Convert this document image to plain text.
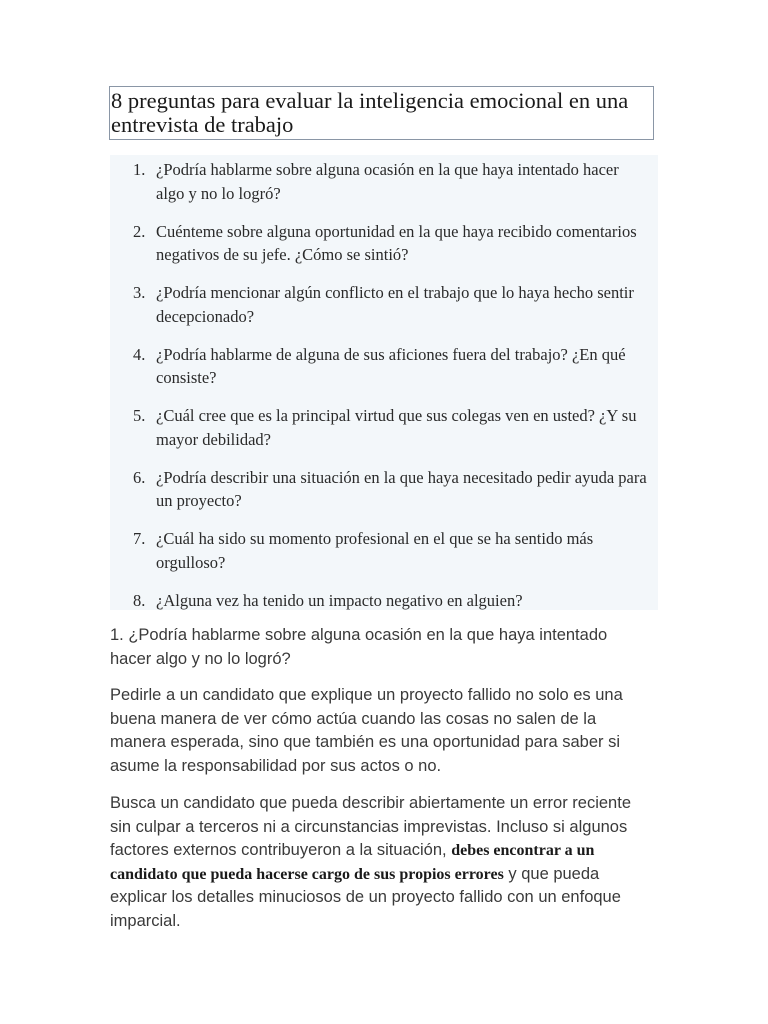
8 preguntas para evaluar la inteligencia emocional en una entrevista de trabajo
1. ¿Podría hablarme sobre alguna ocasión en la que haya intentado hacer algo y no lo logró?
2. Cuénteme sobre alguna oportunidad en la que haya recibido comentarios negativos de su jefe. ¿Cómo se sintió?
3. ¿Podría mencionar algún conflicto en el trabajo que lo haya hecho sentir decepcionado?
4. ¿Podría hablarme de alguna de sus aficiones fuera del trabajo? ¿En qué consiste?
5. ¿Cuál cree que es la principal virtud que sus colegas ven en usted? ¿Y su mayor debilidad?
6. ¿Podría describir una situación en la que haya necesitado pedir ayuda para un proyecto?
7. ¿Cuál ha sido su momento profesional en el que se ha sentido más orgulloso?
8. ¿Alguna vez ha tenido un impacto negativo en alguien?

1. ¿Podría hablarme sobre alguna ocasión en la que haya intentado hacer algo y no lo logró?

Pedirle a un candidato que explique un proyecto fallido no solo es una buena manera de ver cómo actúa cuando las cosas no salen de la manera esperada, sino que también es una oportunidad para saber si asume la responsabilidad por sus actos o no.

Busca un candidato que pueda describir abiertamente un error reciente sin culpar a terceros ni a circunstancias imprevistas. Incluso si algunos factores externos contribuyeron a la situación, debes encontrar a un candidato que pueda hacerse cargo de sus propios errores y que pueda explicar los detalles minuciosos de un proyecto fallido con un enfoque imparcial.
